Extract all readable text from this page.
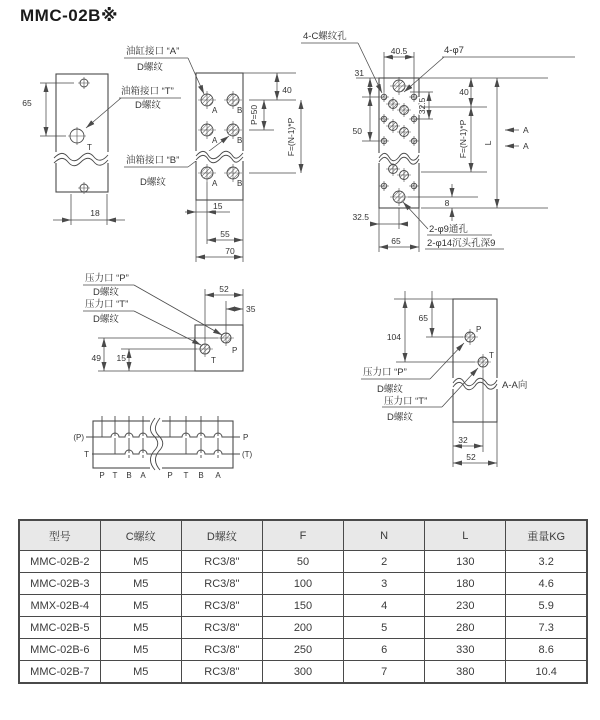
MMC-02B※
T
65
18
油缸接口 “A”
D螺纹
油箱接口 “T”
D螺纹
油箱接口 “B”
D螺纹
A B
A B
A B
40
P=50
F=(N-1)*P
15
55
70
40.5
4-C螺纹孔
4-φ7
31
50
32.5
40
F=(N-1)*P L
8
A
A
32.5
65
2-φ9通孔
2-φ14沉头孔深9
P
T
52
35
49 15
压力口 “P”
D螺纹
压力口 “T”
D螺纹
P
T
104
65
压力口 “P”
D螺纹
压力口 “T”
D螺纹
A-A向
32
52
(P)
T
P
(T)
P T B A	P T B A
型号	C螺纹	D螺纹	F	N	L	重量KG
MMC-02B-2	M5	RC3/8"	50	2	130	3.2
MMC-02B-3	M5	RC3/8"	100	3	180	4.6
MMX-02B-4	M5	RC3/8"	150	4	230	5.9
MMC-02B-5	M5	RC3/8"	200	5	280	7.3
MMC-02B-6	M5	RC3/8"	250	6	330	8.6
MMC-02B-7	M5	RC3/8"	300	7	380	10.4
